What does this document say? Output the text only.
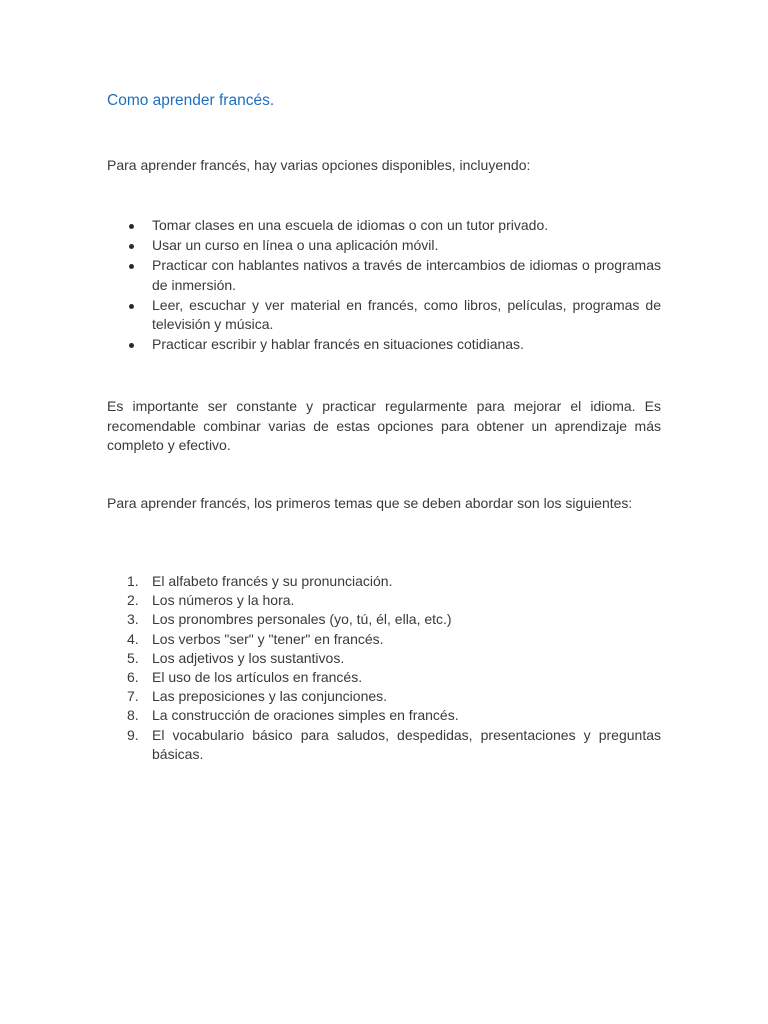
Como aprender francés.

Para aprender francés, hay varias opciones disponibles, incluyendo:

Tomar clases en una escuela de idiomas o con un tutor privado.
Usar un curso en línea o una aplicación móvil.
Practicar con hablantes nativos a través de intercambios de idiomas o programas de inmersión.
Leer, escuchar y ver material en francés, como libros, películas, programas de televisión y música.
Practicar escribir y hablar francés en situaciones cotidianas.

Es importante ser constante y practicar regularmente para mejorar el idioma. Es recomendable combinar varias de estas opciones para obtener un aprendizaje más completo y efectivo.

Para aprender francés, los primeros temas que se deben abordar son los siguientes:

1. El alfabeto francés y su pronunciación.
2. Los números y la hora.
3. Los pronombres personales (yo, tú, él, ella, etc.)
4. Los verbos "ser" y "tener" en francés.
5. Los adjetivos y los sustantivos.
6. El uso de los artículos en francés.
7. Las preposiciones y las conjunciones.
8. La construcción de oraciones simples en francés.
9. El vocabulario básico para saludos, despedidas, presentaciones y preguntas básicas.
